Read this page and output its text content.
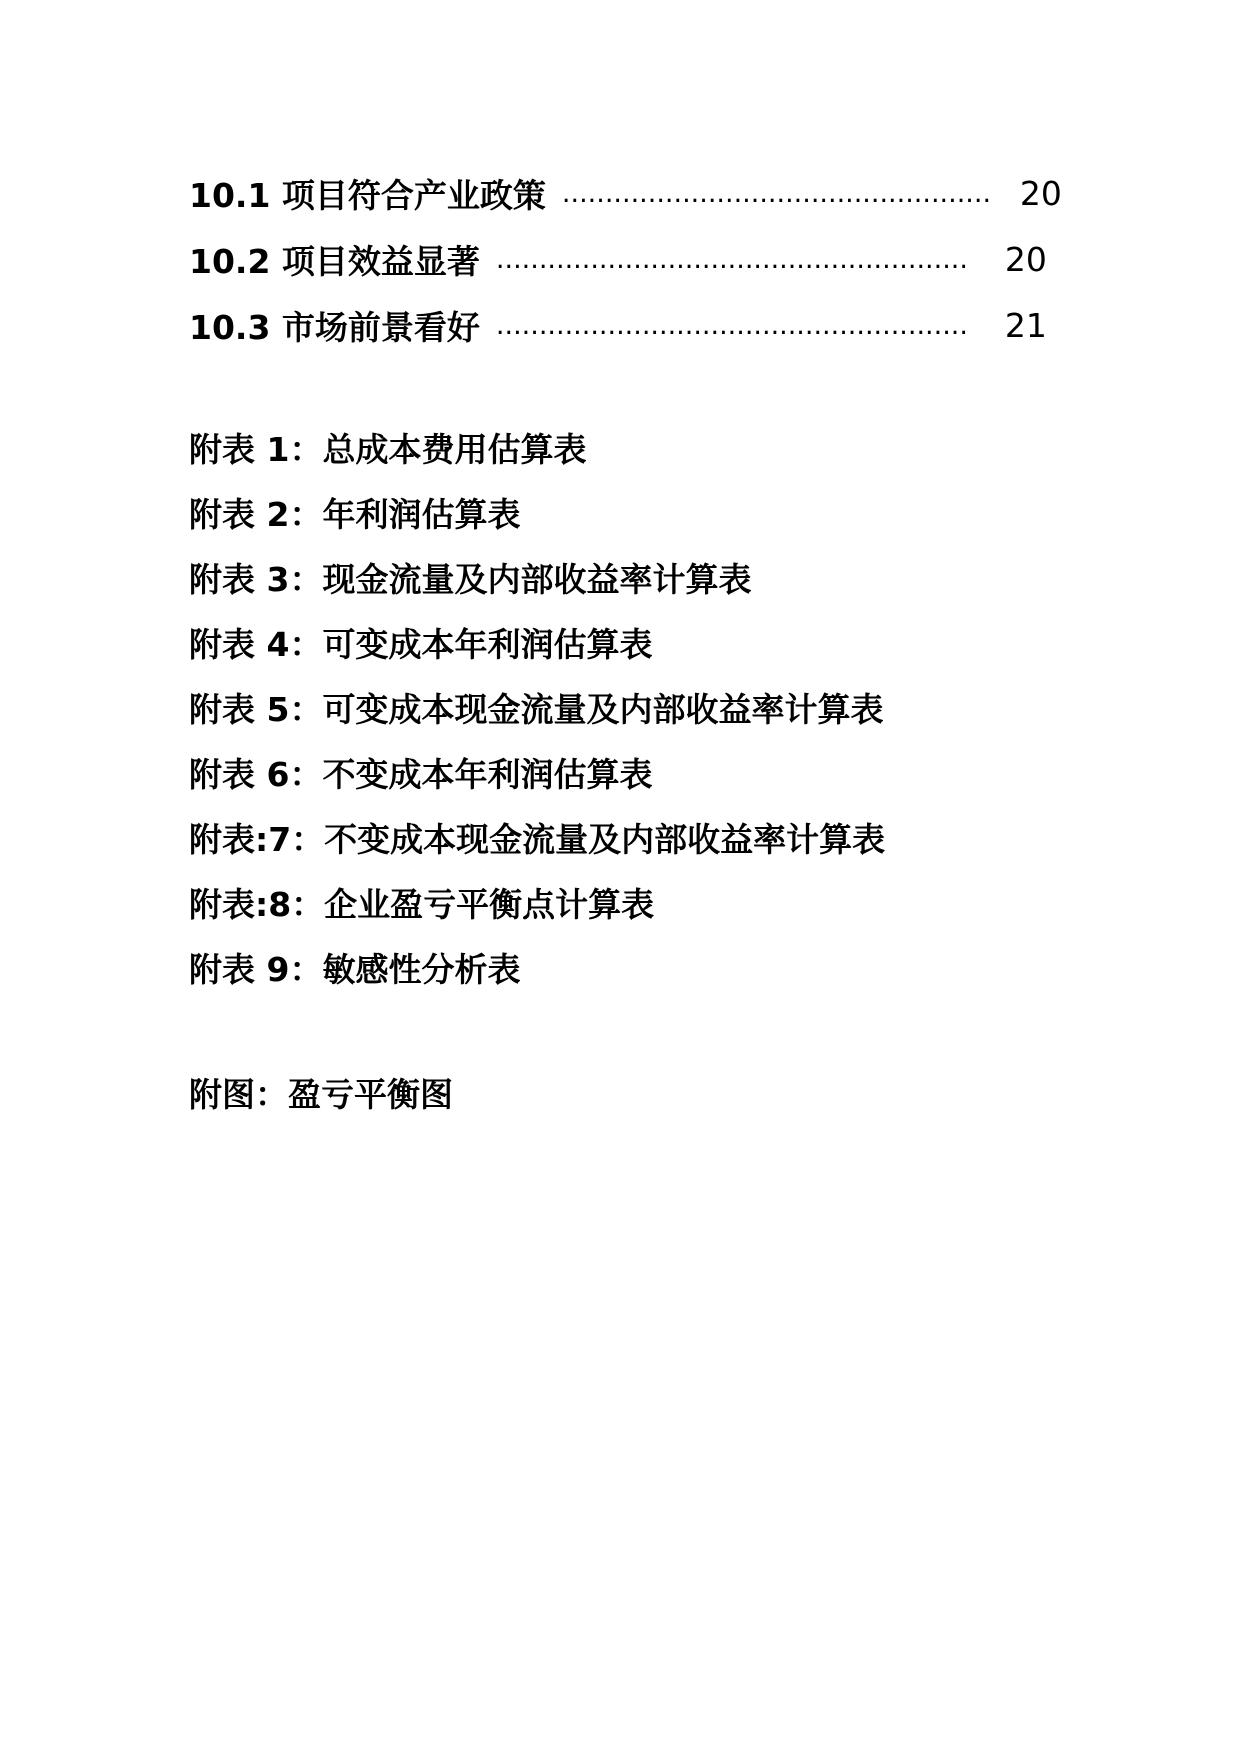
10.1 项目符合产业政策 .................................................. 20
10.2 项目效益显著 .......................................................	20
10.3 市场前景看好 .......................................................	21
附表 1：总成本费用估算表
附表 2：年利润估算表
附表 3：现金流量及内部收益率计算表
附表 4：可变成本年利润估算表
附表 5：可变成本现金流量及内部收益率计算表
附表 6：不变成本年利润估算表
附表:7：不变成本现金流量及内部收益率计算表
附表:8：企业盈亏平衡点计算表
附表 9：敏感性分析表
附图：盈亏平衡图
